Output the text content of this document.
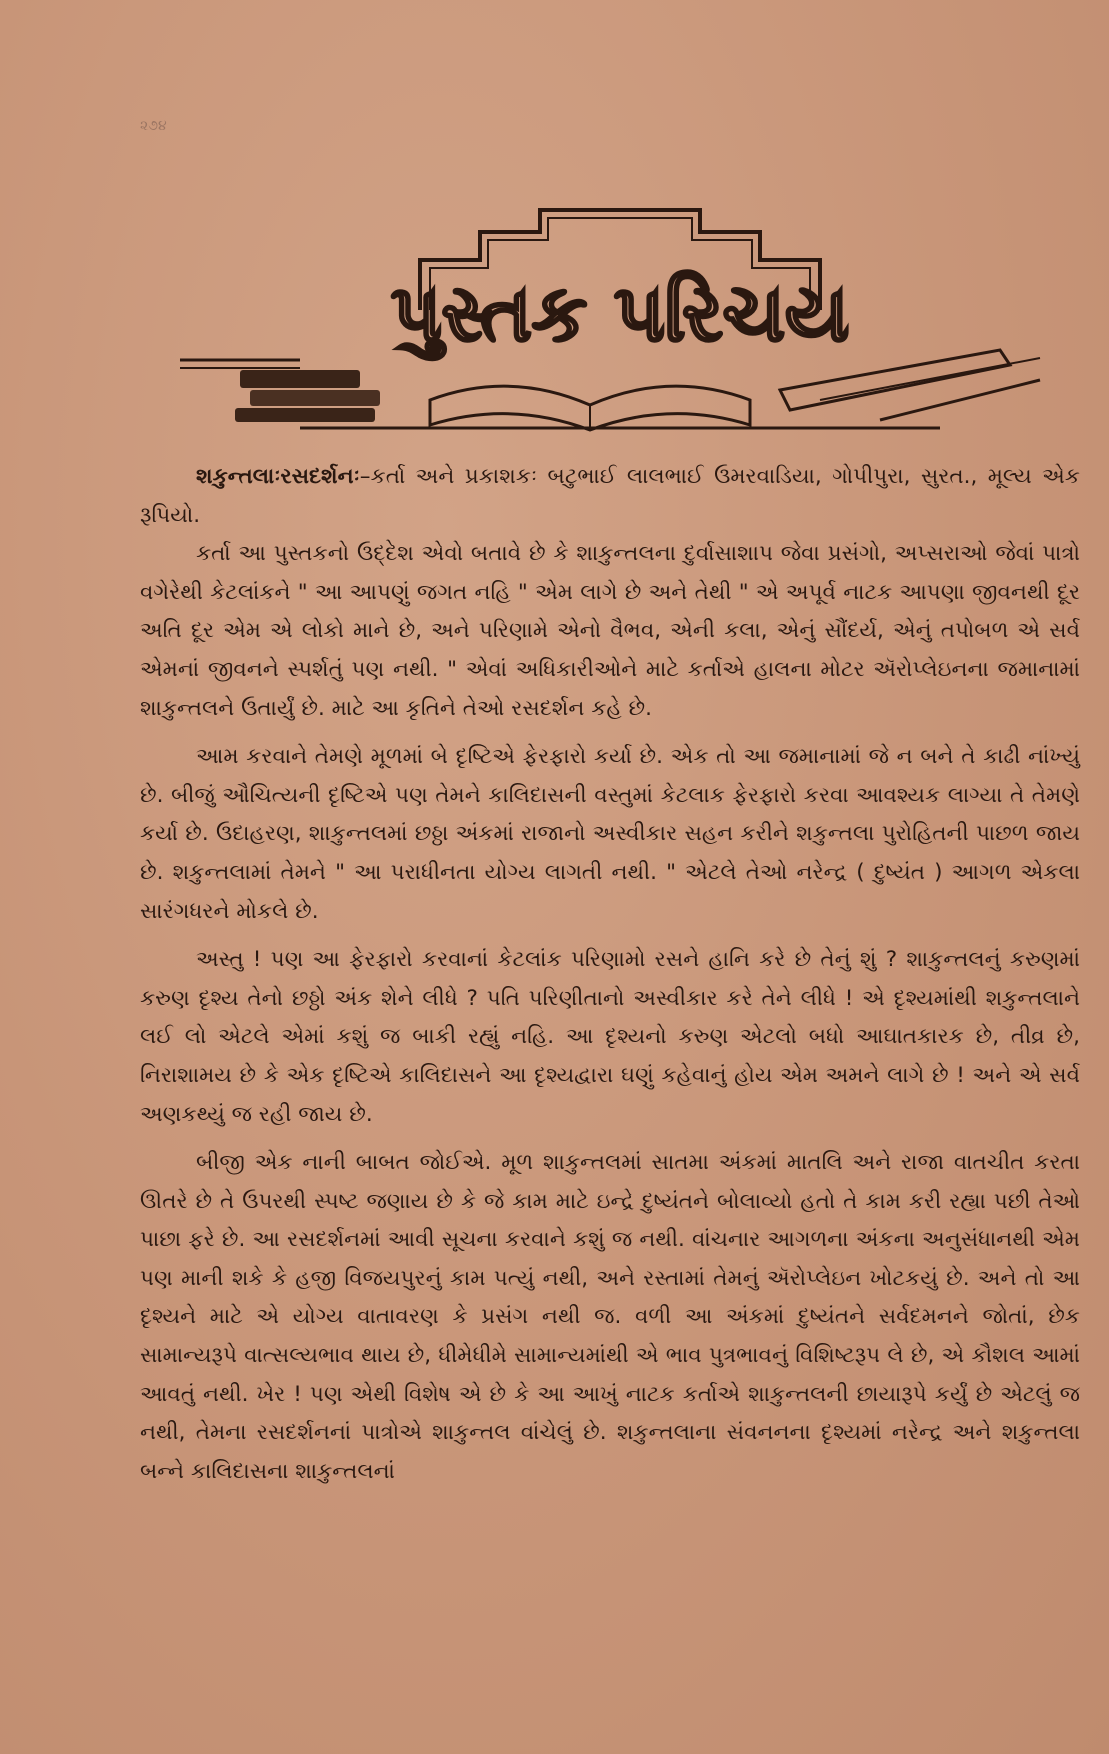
૨૭૪
પુસ્તક પરિચય

શકુન્તલાઃરસદર્શનઃ–કર્તા અને પ્રકાશકઃ બટુભાઈ લાલભાઈ ઉમરવાડિયા, ગોપીપુરા, સુરત., મૂલ્ય એક રૂપિયો.

કર્તા આ પુસ્તકનો ઉદ્દેશ એવો બતાવે છે કે શાકુન્તલના દુર્વાસાશાપ જેવા પ્રસંગો, અપ્સરાઓ જેવાં પાત્રો વગેરેથી કેટલાંકને " આ આપણું જગત નહિ " એમ લાગે છે અને તેથી " એ અપૂર્વ નાટક આપણા જીવનથી દૂર અતિ દૂર એમ એ લોકો માને છે, અને પરિણામે એનો વૈભવ, એની કલા, એનું સૌંદર્ય, એનું તપોબળ એ સર્વ એમનાં જીવનને સ્પર્શતું પણ નથી. " એવાં અધિકારીઓને માટે કર્તાએ હાલના મોટર ઍરોપ્લેઇનના જમાનામાં શાકુન્તલને ઉતાર્યું છે. માટે આ કૃતિને તેઓ રસદર્શન કહે છે.

આમ કરવાને તેમણે મૂળમાં બે દૃષ્ટિએ ફેરફારો કર્યા છે. એક તો આ જમાનામાં જે ન બને તે કાઢી નાંખ્યું છે. બીજું ઔચિત્યની દૃષ્ટિએ પણ તેમને કાલિદાસની વસ્તુમાં કેટલાક ફેરફારો કરવા આવશ્યક લાગ્યા તે તેમણે કર્યા છે. ઉદાહરણ, શાકુન્તલમાં છઠ્ઠા અંકમાં રાજાનો અસ્વીકાર સહન કરીને શકુન્તલા પુરોહિતની પાછળ જાય છે. શકુન્તલામાં તેમને " આ પરાધીનતા યોગ્ય લાગતી નથી. " એટલે તેઓ નરેન્દ્ર ( દુષ્યંત ) આગળ એકલા સારંગધરને મોકલે છે.

અસ્તુ ! પણ આ ફેરફારો કરવાનાં કેટલાંક પરિણામો રસને હાનિ કરે છે તેનું શું ? શાકુન્તલનું કરુણમાં કરુણ દૃશ્ય તેનો છઠ્ઠો અંક શેને લીધે ? પતિ પરિણીતાનો અસ્વીકાર કરે તેને લીધે ! એ દૃશ્યમાંથી શકુન્તલાને લઈ લો એટલે એમાં કશું જ બાકી રહ્યું નહિ. આ દૃશ્યનો કરુણ એટલો બધો આઘાતકારક છે, તીવ્ર છે, નિરાશામય છે કે એક દૃષ્ટિએ કાલિદાસને આ દૃશ્યદ્વારા ઘણું કહેવાનું હોય એમ અમને લાગે છે ! અને એ સર્વ અણકથ્યું જ રહી જાય છે.

બીજી એક નાની બાબત જોઈએ. મૂળ શાકુન્તલમાં સાતમા અંકમાં માતલિ અને રાજા વાતચીત કરતા ઊતરે છે તે ઉપરથી સ્પષ્ટ જણાય છે કે જે કામ માટે ઇન્દ્રે દુષ્યંતને બોલાવ્યો હતો તે કામ કરી રહ્યા પછી તેઓ પાછા ફરે છે. આ રસદર્શનમાં આવી સૂચના કરવાને કશું જ નથી. વાંચનાર આગળના અંકના અનુસંધાનથી એમ પણ માની શકે કે હજી વિજયપુરનું કામ પત્યું નથી, અને રસ્તામાં તેમનું ઍરોપ્લેઇન ખોટકયું છે. અને તો આ દૃશ્યને માટે એ યોગ્ય વાતાવરણ કે પ્રસંગ નથી જ. વળી આ અંકમાં દુષ્યંતને સર્વદમનને જોતાં, છેક સામાન્યરૂપે વાત્સલ્યભાવ થાય છે, ધીમેધીમે સામાન્યમાંથી એ ભાવ પુત્રભાવનું વિશિષ્ટરૂપ લે છે, એ કૌશલ આમાં આવતું નથી. ખેર ! પણ એથી વિશેષ એ છે કે આ આખું નાટક કર્તાએ શાકુન્તલની છાયારૂપે કર્યું છે એટલું જ નથી, તેમના રસદર્શનનાં પાત્રોએ શાકુન્તલ વાંચેલું છે. શકુન્તલાના સંવનનના દૃશ્યમાં નરેન્દ્ર અને શકુન્તલા બન્ને કાલિદાસના શાકુન્તલનાં
